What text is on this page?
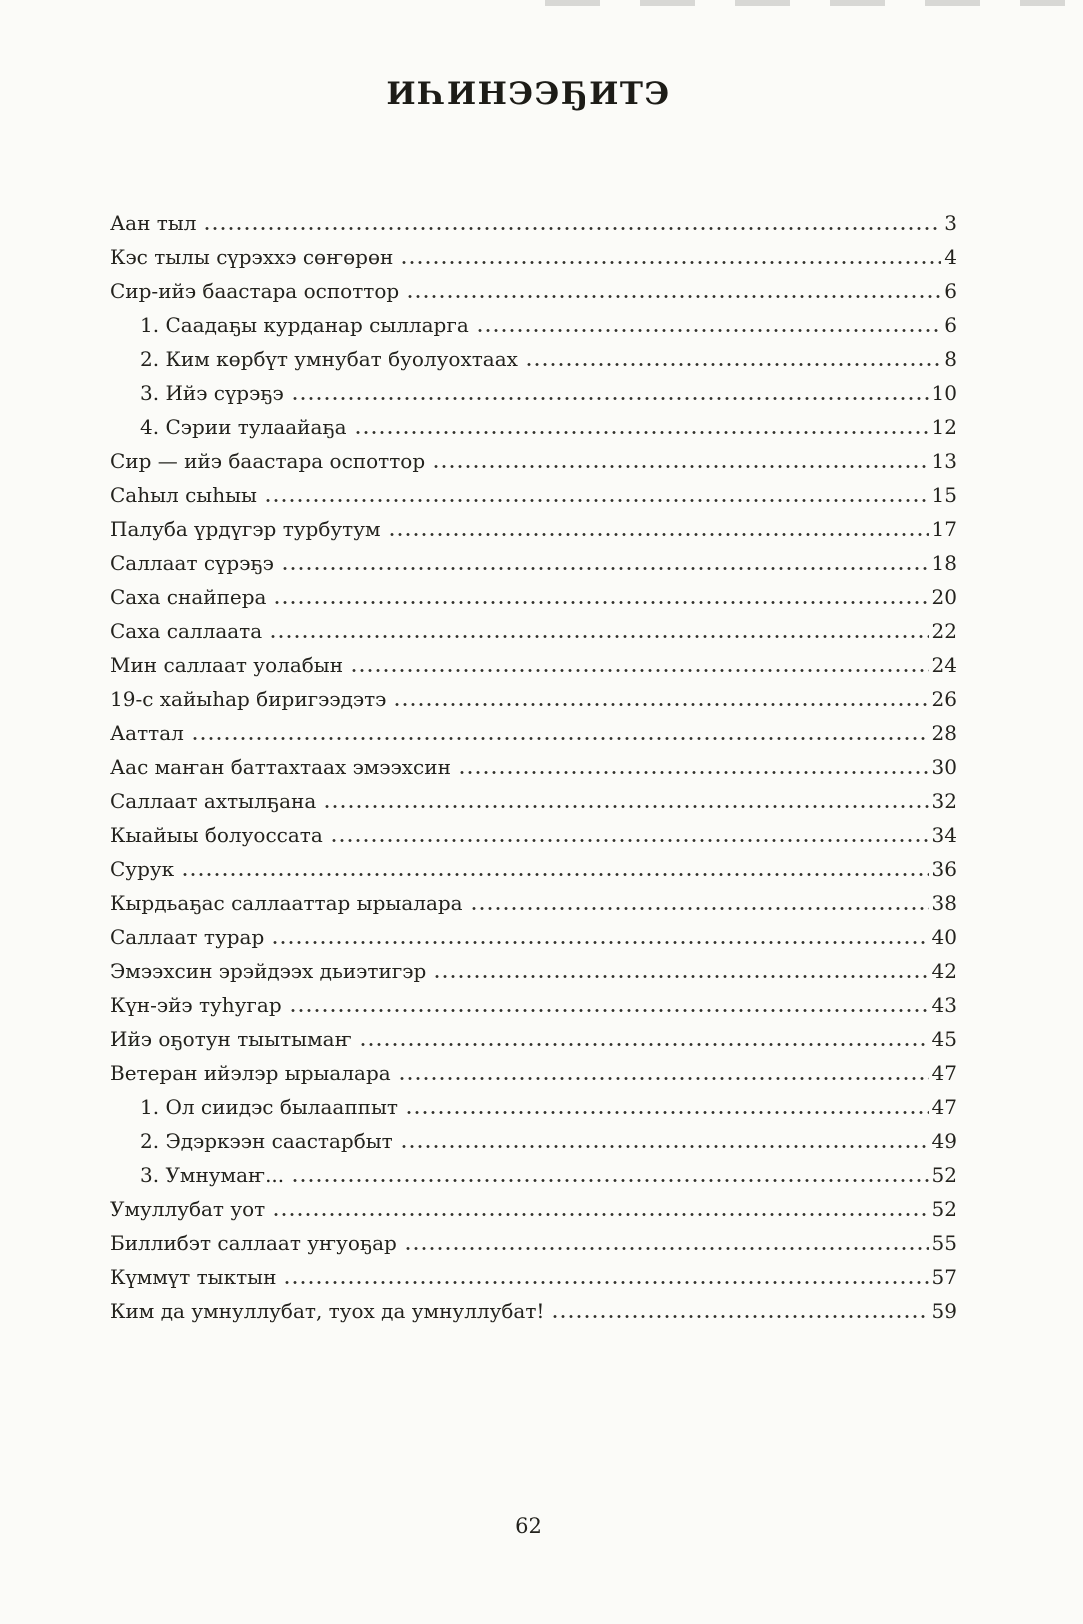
ИҺИНЭЭҔИТЭ
Аан тыл	3
Кэс тылы сүрэххэ сөҥөрөн	4
Сир-ийэ баастара оспоттор	6
1. Саадаҕы курданар сылларга	6
2. Ким көрбүт умнубат буолуохтаах	8
3. Ийэ сүрэҕэ	10
4. Сэрии тулаайаҕа	12
Сир — ийэ баастара оспоттор	13
Саһыл сыһыы	15
Палуба үрдүгэр турбутум	17
Саллаат сүрэҕэ	18
Саха снайпера	20
Саха саллаата	22
Мин саллаат уолабын	24
19-с хайыһар биригээдэтэ	26
Ааттал	28
Аас маҥан баттахтаах эмээхсин	30
Саллаат ахтылҕана	32
Кыайыы болуоссата	34
Сурук	36
Кырдьаҕас саллааттар ырыалара	38
Саллаат турар	40
Эмээхсин эрэйдээх дьиэтигэр	42
Күн-эйэ туһугар	43
Ийэ оҕотун тыытымаҥ	45
Ветеран ийэлэр ырыалара	47
1. Ол сиидэс былааппыт	47
2. Эдэркээн саастарбыт	49
3. Умнумаҥ...	52
Умуллубат уот	52
Биллибэт саллаат уҥуоҕар	55
Күммүт тыктын	57
Ким да умнуллубат, туох да умнуллубат!	59
62
